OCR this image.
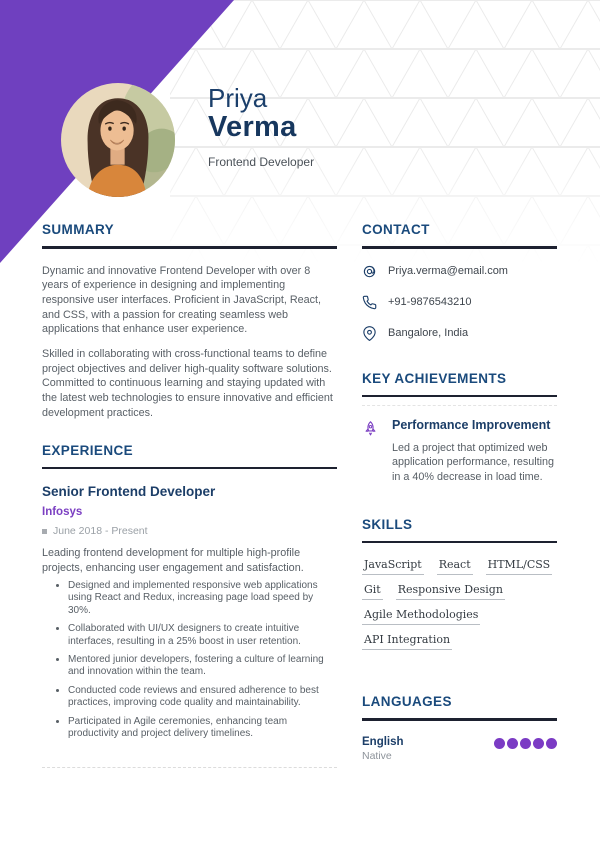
Priya
Verma
Frontend Developer
SUMMARY

Dynamic and innovative Frontend Developer with over 8 years of experience in designing and implementing responsive user interfaces. Proficient in JavaScript, React, and CSS, with a passion for creating seamless web applications that enhance user experience.

Skilled in collaborating with cross-functional teams to define project objectives and deliver high-quality software solutions. Committed to continuous learning and staying updated with the latest web technologies to ensure innovative and efficient development practices.

EXPERIENCE
Senior Frontend Developer
Infosys
June 2018 - Present

Leading frontend development for multiple high-profile projects, enhancing user engagement and satisfaction.

• Designed and implemented responsive web applications using React and Redux, increasing page load speed by 30%.
• Collaborated with UI/UX designers to create intuitive interfaces, resulting in a 25% boost in user retention.
• Mentored junior developers, fostering a culture of learning and innovation within the team.
• Conducted code reviews and ensured adherence to best practices, improving code quality and maintainability.
• Participated in Agile ceremonies, enhancing team productivity and project delivery timelines.
CONTACT
Priya.verma@email.com
+91-9876543210
Bangalore, India
KEY ACHIEVEMENTS
Performance Improvement
Led a project that optimized web application performance, resulting in a 40% decrease in load time.
SKILLS
JavaScript React HTML/CSS
Git Responsive Design
Agile Methodologies
API Integration
LANGUAGES
English
Native
